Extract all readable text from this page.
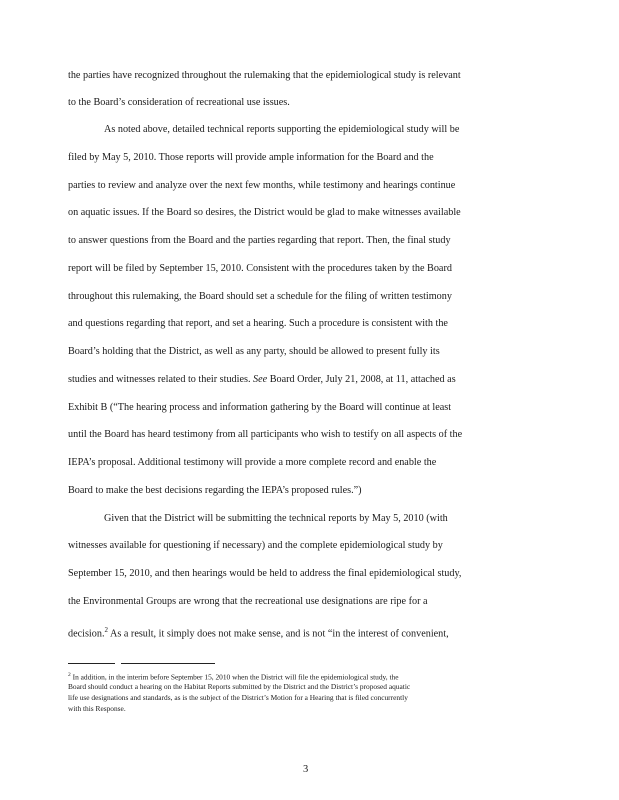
the parties have recognized throughout the rulemaking that the epidemiological study is relevant
to the Board’s consideration of recreational use issues.
As noted above, detailed technical reports supporting the epidemiological study will be
filed by May 5, 2010. Those reports will provide ample information for the Board and the
parties to review and analyze over the next few months, while testimony and hearings continue
on aquatic issues. If the Board so desires, the District would be glad to make witnesses available
to answer questions from the Board and the parties regarding that report. Then, the final study
report will be filed by September 15, 2010. Consistent with the procedures taken by the Board
throughout this rulemaking, the Board should set a schedule for the filing of written testimony
and questions regarding that report, and set a hearing. Such a procedure is consistent with the
Board’s holding that the District, as well as any party, should be allowed to present fully its
studies and witnesses related to their studies. See Board Order, July 21, 2008, at 11, attached as
Exhibit B (“The hearing process and information gathering by the Board will continue at least
until the Board has heard testimony from all participants who wish to testify on all aspects of the
IEPA’s proposal. Additional testimony will provide a more complete record and enable the
Board to make the best decisions regarding the IEPA’s proposed rules.”)
Given that the District will be submitting the technical reports by May 5, 2010 (with
witnesses available for questioning if necessary) and the complete epidemiological study by
September 15, 2010, and then hearings would be held to address the final epidemiological study,
the Environmental Groups are wrong that the recreational use designations are ripe for a
decision.$^2$ As a result, it simply does not make sense, and is not “in the interest of convenient,
$^2$ In addition, in the interim before September 15, 2010 when the District will file the epidemiological study, the
Board should conduct a hearing on the Habitat Reports submitted by the District and the District’s proposed aquatic
life use designations and standards, as is the subject of the District’s Motion for a Hearing that is filed concurrently
with this Response.
3
